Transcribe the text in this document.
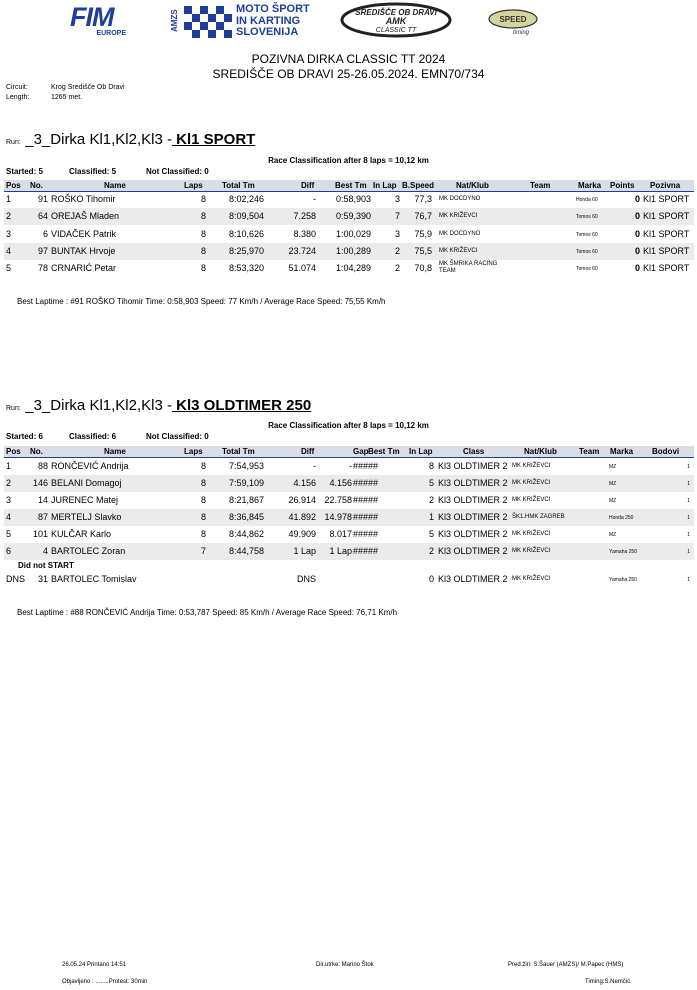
FIM
EUROPE
AMZS
MOTO ŠPORT
IN KARTING
SLOVENIJA
SREDIŠČE OB DRAVI
AMK
CLASSIC TT
SPEED
timing
POZIVNA DIRKA CLASSIC TT 2024
SREDIŠČE OB DRAVI 25-26.05.2024. EMN70/734
Circuit:	Krog Središče Ob Dravi
Length:	1265 met.
Run: _3_Dirka Kl1,Kl2,Kl3 - Kl1 SPORT
Race Classification after 8 laps = 10,12 km
Started: 5	Classified: 5	Not Classified: 0
Pos No.	Name	Laps Total Tm	Diff	Best Tm In Lap B.Speed	Nat/Klub	Team	Marka Points Pozivna
1	91 ROŠKO Tihomir	8	8:02,246	-	0:58,903	3	77,3 MK DOCDYNO	Honda 60	0 Kl1 SPORT
2	64 OREJAŠ Mladen	8	8:09,504	7.258	0:59,390	7	76,7 MK KRIŽEVCI	Tomos 60	0 Kl1 SPORT
3	6 VIDAČEK Patrik	8	8:10,626	8.380	1:00,029	3	75,9 MK DOCDYNO	Tomos 60	0 Kl1 SPORT
4	97 BUNTAK Hrvoje	8	8:25,970	23.724	1:00,289	2	75,5 MK KRIŽEVCI	Tomos 60	0 Kl1 SPORT
5	78 CRNARIĆ Petar	8	8:53,320	51.074	1:04,289	2	70,8 MK ŠMRIKA RACING TEAM	Tomos 60	0 Kl1 SPORT
Best Laptime : #91 ROŠKO Tihomir Time: 0:58,903 Speed: 77 Km/h / Average Race Speed: 75,55 Km/h
Run: _3_Dirka Kl1,Kl2,Kl3 - Kl3 OLDTIMER 250
Race Classification after 8 laps = 10,12 km
Started: 6	Classified: 6	Not Classified: 0
Pos No.	Name	Laps Total Tm	Diff	Gap Best Tm In Lap	Class	Nat/Klub	Team Marka Bodovi
1	88 RONČEVIĆ Andrija	8	7:54,953	-	- #####	8 Kl3 OLDTIMER 2 MK KRIŽEVCI	MZ	1
2	146 BELANI Domagoj	8	7:59,109	4.156	4.156 #####	5 Kl3 OLDTIMER 2 MK KRIŽEVCI	MZ	1
3	14 JURENEC Matej	8	8:21,867	26.914 22.758 #####	2 Kl3 OLDTIMER 2 MK KRIŽEVCI	MZ	1
4	87 MERTELJ Slavko	8	8:36,845	41.892 14.978 #####	1 Kl3 OLDTIMER 2 ŠK1.HMK ZAGREB	Honda 250	1
5	101 KULČAR Karlo	8	8:44,862	49.909	8.017 #####	5 Kl3 OLDTIMER 2 MK KRIŽEVCI	MZ	1
6	4 BARTOLEC Zoran	7	8:44,758	1 Lap	1 Lap #####	2 Kl3 OLDTIMER 2 MK KRIŽEVCI	Yamaha 250	1
Did not START
DNS	31 BARTOLEC Tomislav	DNS	0 Kl3 OLDTIMER 2 MK KRIŽEVCI	Yamaha 250	1
Best Laptime : #88 RONČEVIĆ Andrija Time: 0:53,787 Speed: 85 Km/h / Average Race Speed: 76,71 Km/h
26.05.24 Printano 14:51
Objavljeno : ........Protest: 30min
Dir.utrke: Marino Štok	Pred.žiri: S.Šauer (AMZS)/ M.Papec (HMS)
Timing:S.Nemčić
